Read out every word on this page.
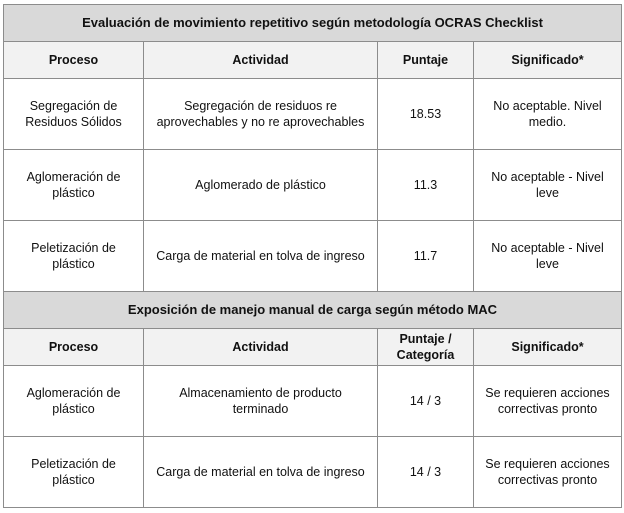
Evaluación de movimiento repetitivo según metodología OCRAS Checklist			
Proceso	Actividad	Puntaje	Significado*
Segregación de Residuos Sólidos	Segregación de residuos re aprovechables y no re aprovechables	18.53	No aceptable. Nivel medio.
Aglomeración de plástico	Aglomerado de plástico	11.3	No aceptable - Nivel leve
Peletización de plástico	Carga de material en tolva de ingreso	11.7	No aceptable - Nivel leve
Exposición de manejo manual de carga según método MAC			
Proceso	Actividad	Puntaje / Categoría	Significado*
Aglomeración de plástico	Almacenamiento de producto terminado	14 / 3	Se requieren acciones correctivas pronto
Peletización de plástico	Carga de material en tolva de ingreso	14 / 3	Se requieren acciones correctivas pronto
